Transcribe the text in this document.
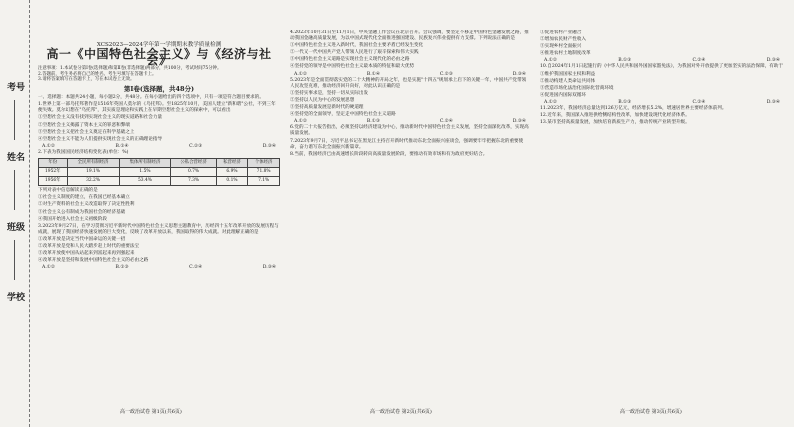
考号
姓名
班级
学校
XCS2023—2024学年第一学期期末教学质量检测
高一《中国特色社会主义》与《经济与社会》
注意事项：1.本试卷分第Ⅰ卷(选择题)和第Ⅱ卷(非选择题)两部分，共100分，考试时间75分钟。
2.答题前，考生务必将自己的姓名、考生号填写在答题卡上。
3.请将答案填写在答题卡上，写在本试卷上无效。
第Ⅰ卷(选择题，共48分)
一、选择题：本题共24小题，每小题2分，共48分。在每小题给出的四个选项中，只有一项是符合题目要求的。
1.世界上第一部乌托邦著作是1516年英国人莫尔的《乌托邦》。至1825年10月，美国人建立"新和谐"公社，不到三年便失败。莫尔幻想在"乌托邦"，其实质是理论和实践上在早期空想社会主义的探索中，可以看出
①空想社会主义没有找到实现社会主义的现实道路和社会力量
②空想社会主义揭露了资本主义的罪恶和弊端
③空想社会主义把社会主义奠定在科学基础之上
④空想社会主义不能为人们提供实现社会主义的正确理论指导
A.①②	B.①④	C.②③	D.③④
2.下表为我国国民经济结构变化表(单位：%)
年份	全民所有制经济	集体所有制经济	公私合营经济	私营经济	个体经济
1952年	19.1%	1.5%	0.7%	6.9%	71.8%
1956年	32.2%	53.4%	7.3%	0.1%	7.1%
下列对表中信息解读正确的是
①社会主义制度的建立，在我国已经基本确立
②对生产资料的社会主义改造取得了决定性胜利
③社会主义公有制成为我国社会的经济基础
④我国开始进入社会主义初级阶段
3.2023年9月27日，在学习贯彻习近平新时代中国特色社会主义思想主题教育中，历经四十五年改革开放的发展历程与成就，展现了我国经济快速发展的巨大变化，反映了改革开放以来，我国取得的伟大成就。对此理解正确的是
①改革开放是决定当代中国命运的关键一招
②改革开放是党和人民大踏步赶上时代的重要法宝
③改革开放使中国从站起来到富起来再到强起来
④改革开放是坚持和发展中国特色社会主义的必由之路
A.①②	B.①③	C.②④	D.③④
4.2023年10月31日至11月1日，中央金融工作会议在北京召开。会议强调，要坚定不移走中国特色金融发展之路，推动我国金融高质量发展，为以中国式现代化全面推进强国建设、民族复兴伟业提供有力支撑。下列说法正确的是
①中国特色社会主义进入新时代，我国社会主要矛盾已经发生变化
②一代又一代中国共产党人带领人民进行了艰辛探索和伟大实践
③中国特色社会主义道路是实现社会主义现代化的必由之路
④坚持党的领导是中国特色社会主义最本质的特征和最大优势
A.①②	B.①④	C.②③	D.③④
5.2023年是全面贯彻落实党的二十大精神的开局之年，也是实施"十四五"规划承上启下的关键一年，中国共产党带领人民攻坚克难，推动经济回升向好，对此认识正确的是
①坚持实事求是，坚持一切从实际出发
②坚持以人民为中心的发展思想
③坚持高质量发展是新时代的硬道理
④坚持党的全面领导，坚定走中国特色社会主义道路
A.①②	B.①③	C.②④	D.③④
6.党的二十大报告指出，必须坚持以经济建设为中心，推动新时代中国特色社会主义发展，坚持全面深化改革，实现高质量发展。
7.2023年9月7日，习近平总书记在黑龙江主持召开新时代推动东北全面振兴座谈会，强调要牢牢把握东北的重要使命，奋力谱写东北全面振兴新篇章。
8.当前，我国经济已由高速增长阶段转向高质量发展阶段，要推动有效市场和有为政府更好结合。
①促进农村产业融合
②增加农民财产性收入
③实现乡村全面振兴
④推进农村土地制度改革
A.①②	B.①③	C.②④	D.③④
10.自2024年1月1日起施行的《中华人民共和国外国国家豁免法》，为我国对外开放提供了更加坚实的法治保障，有助于
①维护我国国家主权和利益
②推动构建人类命运共同体
③营造市场化法治化国际化营商环境
④促进国内国际双循环
A.①②	B.①③	C.②④	D.③④
11.2023年，我国经济总量达到126万亿元，经济增长5.2%，增速居世界主要经济体前列。
12.近年来，我国深入推进供给侧结构性改革，加快建设现代化经济体系。
13.某市坚持高质量发展，加快培育新质生产力，推动传统产业转型升级。
高一政治试卷 第1页(共6页)	高一政治试卷 第2页(共6页)	高一政治试卷 第3页(共6页)
